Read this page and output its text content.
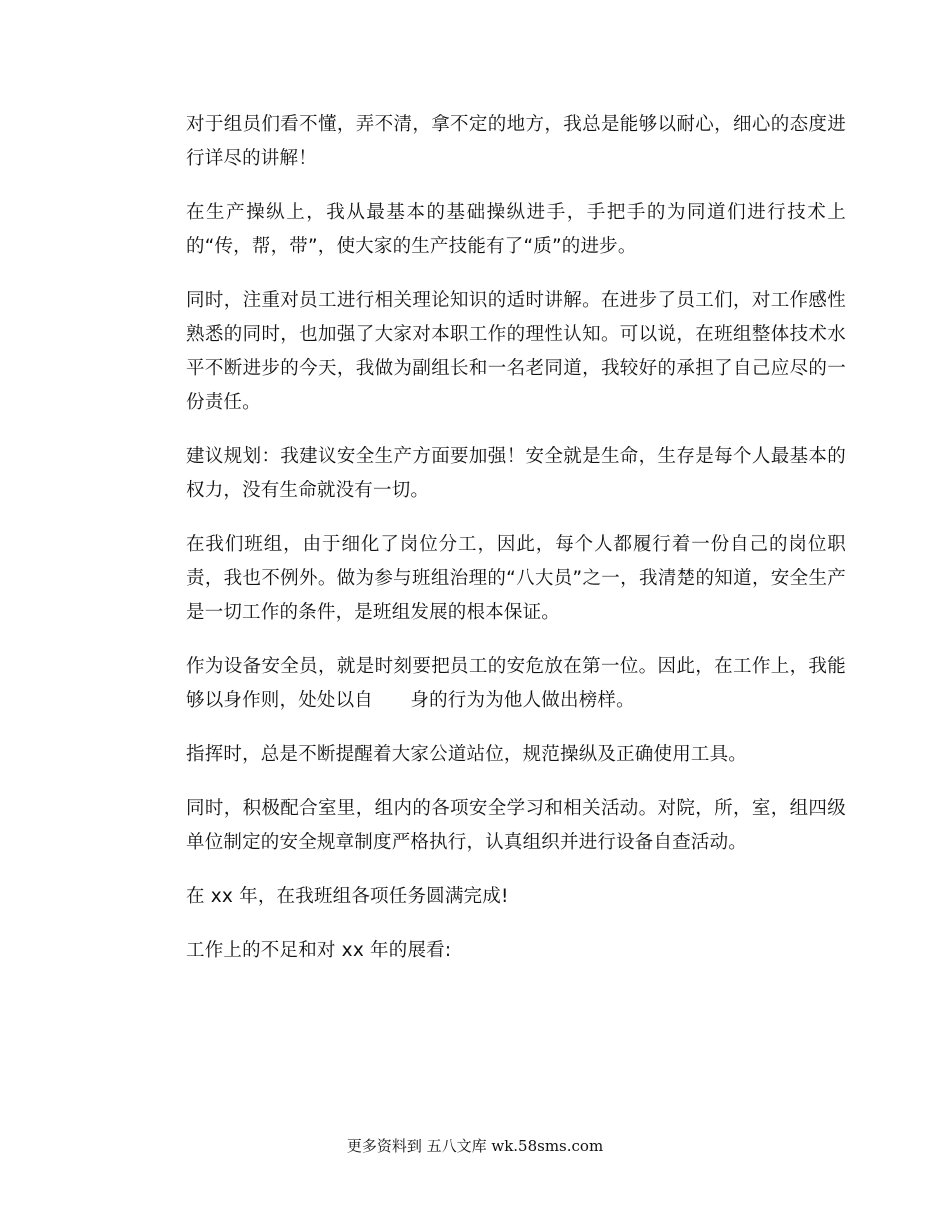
对于组员们看不懂，弄不清，拿不定的地方，我总是能够以耐心，细心的态度进行详尽的讲解！

在生产操纵上，我从最基本的基础操纵进手，手把手的为同道们进行技术上的“传，帮，带”，使大家的生产技能有了“质”的进步。

同时，注重对员工进行相关理论知识的适时讲解。在进步了员工们，对工作感性熟悉的同时，也加强了大家对本职工作的理性认知。可以说，在班组整体技术水平不断进步的今天，我做为副组长和一名老同道，我较好的承担了自己应尽的一份责任。

建议规划：我建议安全生产方面要加强！安全就是生命，生存是每个人最基本的权力，没有生命就没有一切。

在我们班组，由于细化了岗位分工，因此，每个人都履行着一份自己的岗位职责，我也不例外。做为参与班组治理的“八大员”之一，我清楚的知道，安全生产是一切工作的条件，是班组发展的根本保证。

作为设备安全员，就是时刻要把员工的安危放在第一位。因此，在工作上，我能够以身作则，处处以自　　身的行为为他人做出榜样。

指挥时，总是不断提醒着大家公道站位，规范操纵及正确使用工具。

同时，积极配合室里，组内的各项安全学习和相关活动。对院，所，室，组四级单位制定的安全规章制度严格执行，认真组织并进行设备自查活动。

在 xx 年，在我班组各项任务圆满完成!

工作上的不足和对 xx 年的展看:

更多资料到 五八文库 wk.58sms.com
